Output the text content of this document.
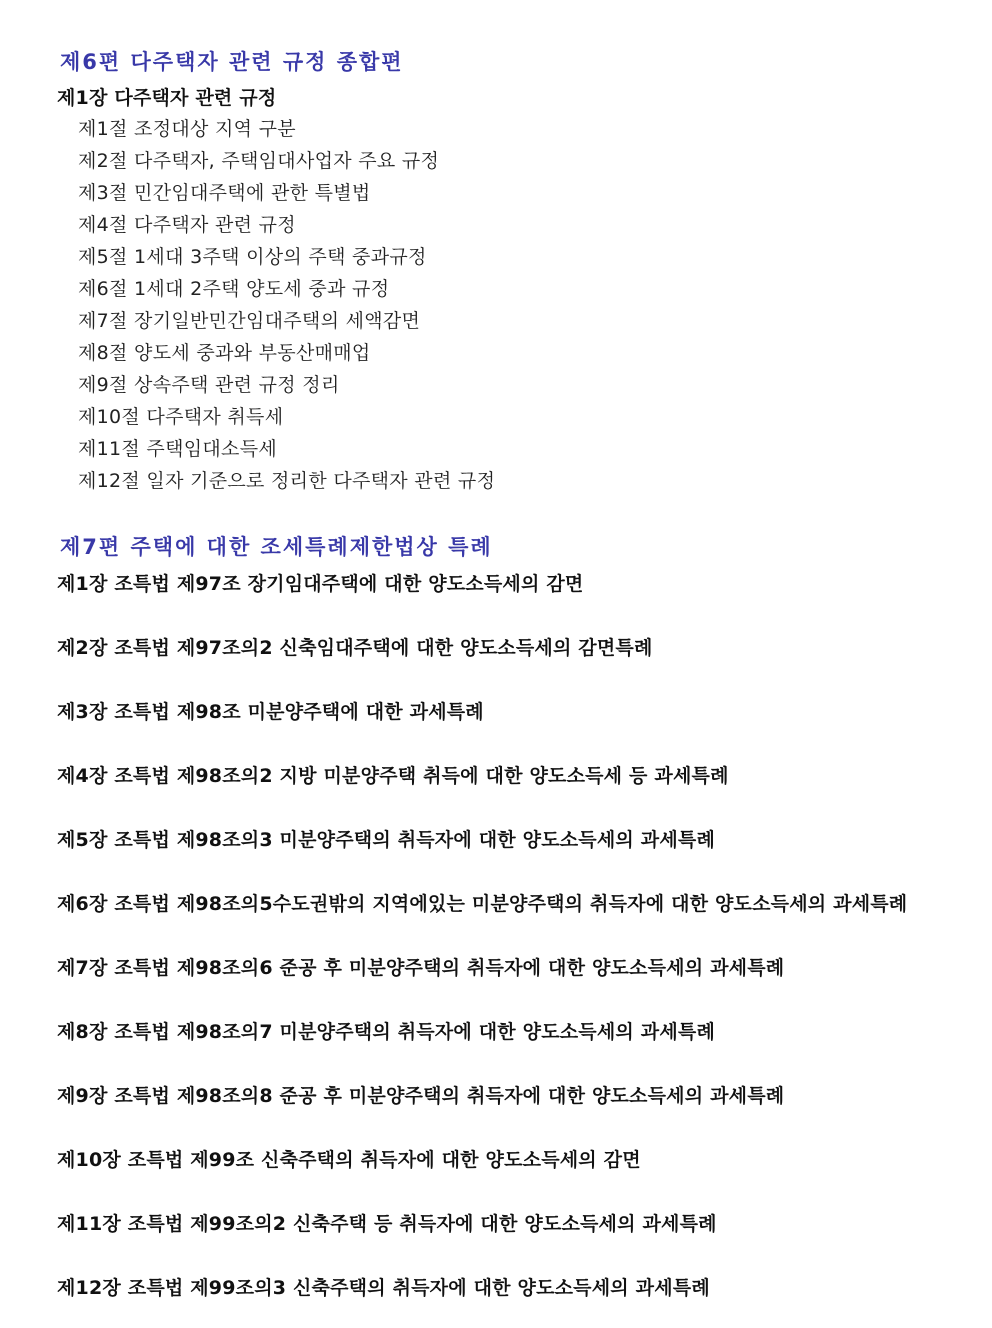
제6편 다주택자 관련 규정 종합편
제1장 다주택자 관련 규정
제1절 조정대상 지역 구분
제2절 다주택자, 주택임대사업자 주요 규정
제3절 민간임대주택에 관한 특별법
제4절 다주택자 관련 규정
제5절 1세대 3주택 이상의 주택 중과규정
제6절 1세대 2주택 양도세 중과 규정
제7절 장기일반민간임대주택의 세액감면
제8절 양도세 중과와 부동산매매업
제9절 상속주택 관련 규정 정리
제10절 다주택자 취득세
제11절 주택임대소득세
제12절 일자 기준으로 정리한 다주택자 관련 규정
제7편 주택에 대한 조세특례제한법상 특례
제1장 조특법 제97조 장기임대주택에 대한 양도소득세의 감면
제2장 조특법 제97조의2 신축임대주택에 대한 양도소득세의 감면특례
제3장 조특법 제98조 미분양주택에 대한 과세특례
제4장 조특법 제98조의2 지방 미분양주택 취득에 대한 양도소득세 등 과세특례
제5장 조특법 제98조의3 미분양주택의 취득자에 대한 양도소득세의 과세특례
제6장 조특법 제98조의5수도권밖의 지역에있는 미분양주택의 취득자에 대한 양도소득세의 과세특례
제7장 조특법 제98조의6 준공 후 미분양주택의 취득자에 대한 양도소득세의 과세특례
제8장 조특법 제98조의7 미분양주택의 취득자에 대한 양도소득세의 과세특례
제9장 조특법 제98조의8 준공 후 미분양주택의 취득자에 대한 양도소득세의 과세특례
제10장 조특법 제99조 신축주택의 취득자에 대한 양도소득세의 감면
제11장 조특법 제99조의2 신축주택 등 취득자에 대한 양도소득세의 과세특례
제12장 조특법 제99조의3 신축주택의 취득자에 대한 양도소득세의 과세특례
